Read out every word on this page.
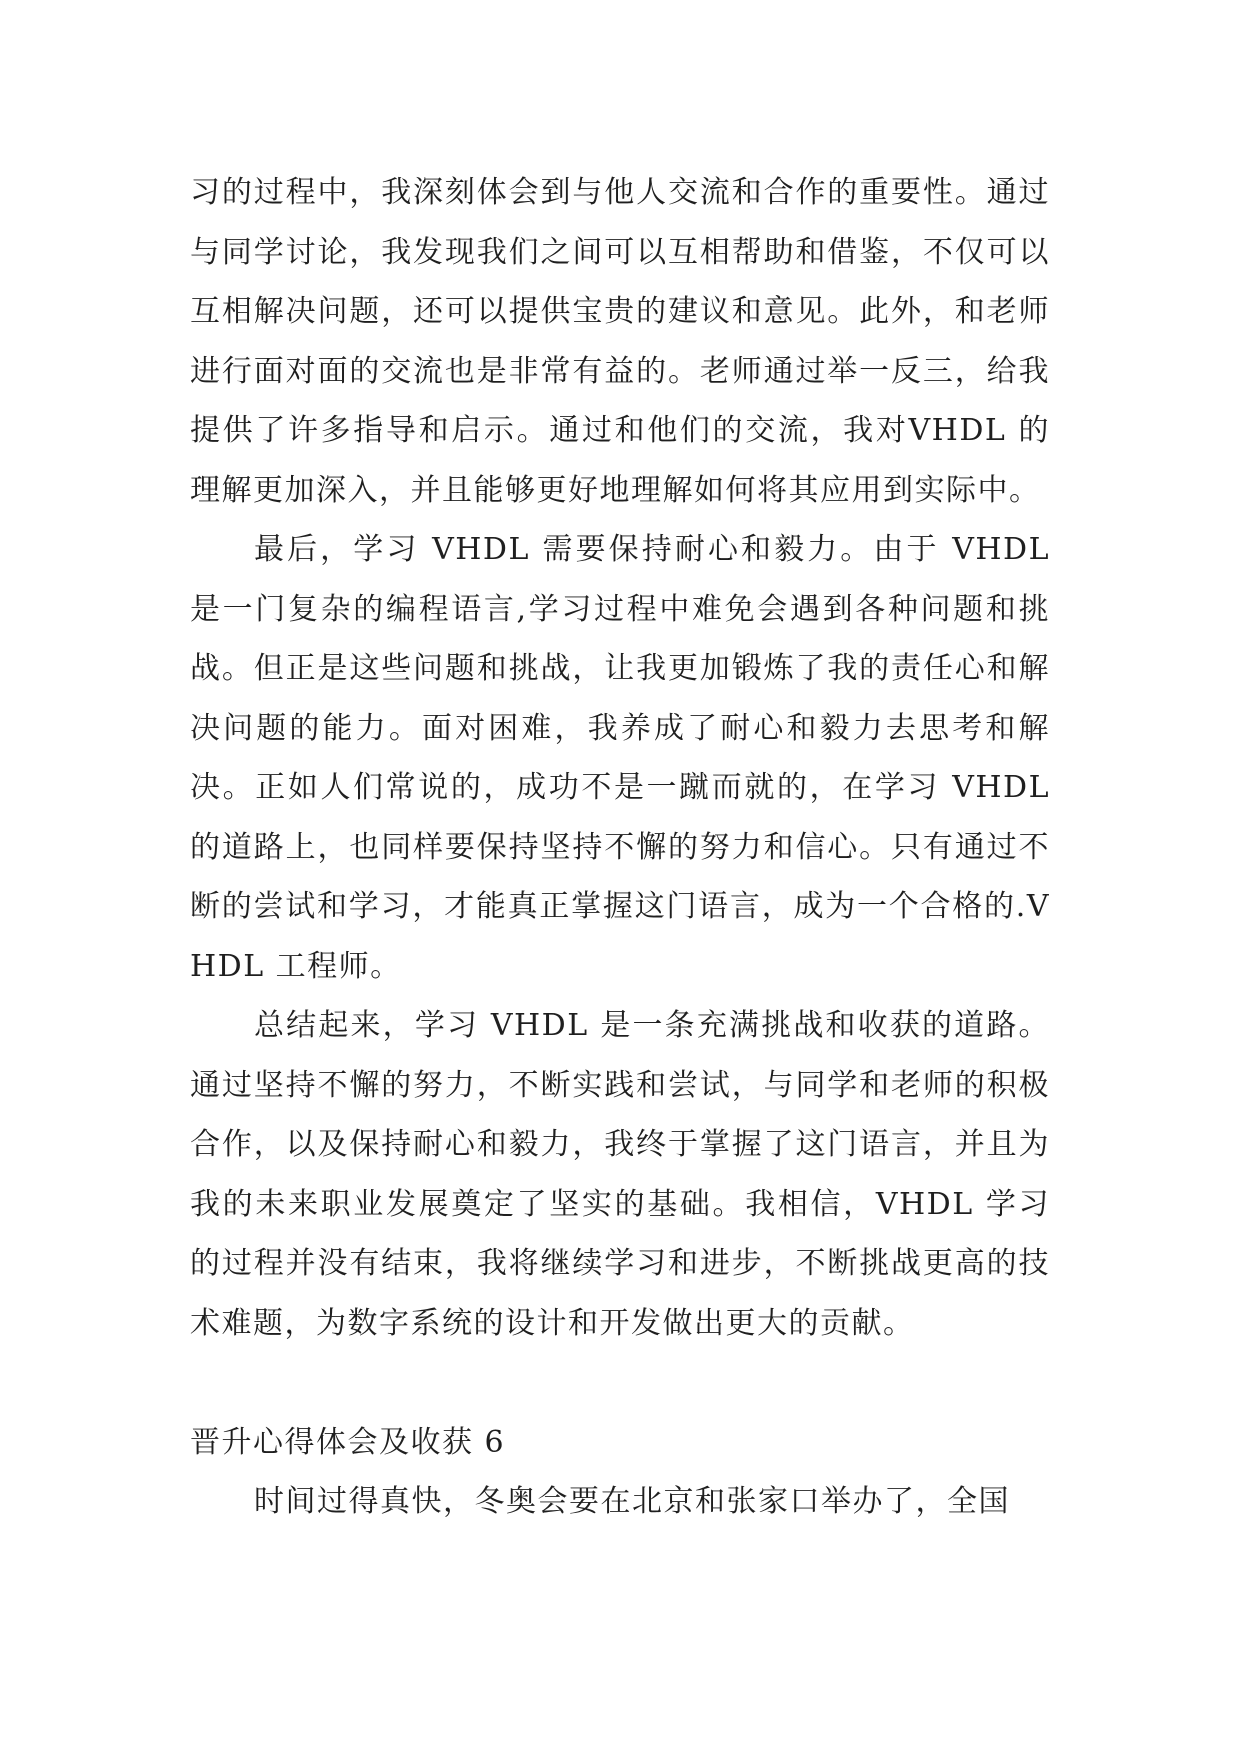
习的过程中，我深刻体会到与他人交流和合作的重要性。通过与同学讨论，我发现我们之间可以互相帮助和借鉴，不仅可以互相解决问题，还可以提供宝贵的建议和意见。此外，和老师进行面对面的交流也是非常有益的。老师通过举一反三，给我提供了许多指导和启示。通过和他们的交流，我对VHDL 的理解更加深入，并且能够更好地理解如何将其应用到实际中。

最后，学习 VHDL 需要保持耐心和毅力。由于 VHDL 是一门复杂的编程语言,学习过程中难免会遇到各种问题和挑战。但正是这些问题和挑战，让我更加锻炼了我的责任心和解决问题的能力。面对困难，我养成了耐心和毅力去思考和解决。正如人们常说的，成功不是一蹴而就的，在学习 VHDL 的道路上，也同样要保持坚持不懈的努力和信心。只有通过不断的尝试和学习，才能真正掌握这门语言，成为一个合格的.VHDL 工程师。

总结起来，学习 VHDL 是一条充满挑战和收获的道路。通过坚持不懈的努力，不断实践和尝试，与同学和老师的积极合作，以及保持耐心和毅力，我终于掌握了这门语言，并且为我的未来职业发展奠定了坚实的基础。我相信，VHDL 学习的过程并没有结束，我将继续学习和进步，不断挑战更高的技术难题，为数字系统的设计和开发做出更大的贡献。

晋升心得体会及收获 6

时间过得真快，冬奥会要在北京和张家口举办了，全国
